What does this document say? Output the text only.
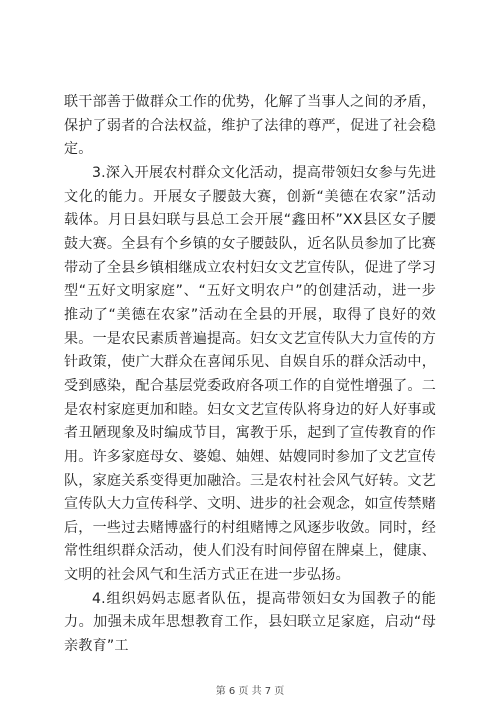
联干部善于做群众工作的优势，化解了当事人之间的矛盾，保护了弱者的合法权益，维护了法律的尊严，促进了社会稳定。

3.深入开展农村群众文化活动，提高带领妇女参与先进文化的能力。开展女子腰鼓大赛，创新“美德在农家”活动载体。月日县妇联与县总工会开展“鑫田杯”XX县区女子腰鼓大赛。全县有个乡镇的女子腰鼓队，近名队员参加了比赛带动了全县乡镇相继成立农村妇女文艺宣传队，促进了学习型“五好文明家庭”、“五好文明农户”的创建活动，进一步推动了“美德在农家”活动在全县的开展，取得了良好的效果。一是农民素质普遍提高。妇女文艺宣传队大力宣传的方针政策，使广大群众在喜闻乐见、自娱自乐的群众活动中，受到感染，配合基层党委政府各项工作的自觉性增强了。二是农村家庭更加和睦。妇女文艺宣传队将身边的好人好事或者丑陋现象及时编成节目，寓教于乐，起到了宣传教育的作用。许多家庭母女、婆媳、妯娌、姑嫂同时参加了文艺宣传队，家庭关系变得更加融洽。三是农村社会风气好转。文艺宣传队大力宣传科学、文明、进步的社会观念，如宣传禁赌后，一些过去赌博盛行的村组赌博之风逐步收敛。同时，经常性组织群众活动，使人们没有时间停留在牌桌上，健康、文明的社会风气和生活方式正在进一步弘扬。

4.组织妈妈志愿者队伍，提高带领妇女为国教子的能力。加强未成年思想教育工作，县妇联立足家庭，启动“母亲教育”工

第 6 页 共 7 页
